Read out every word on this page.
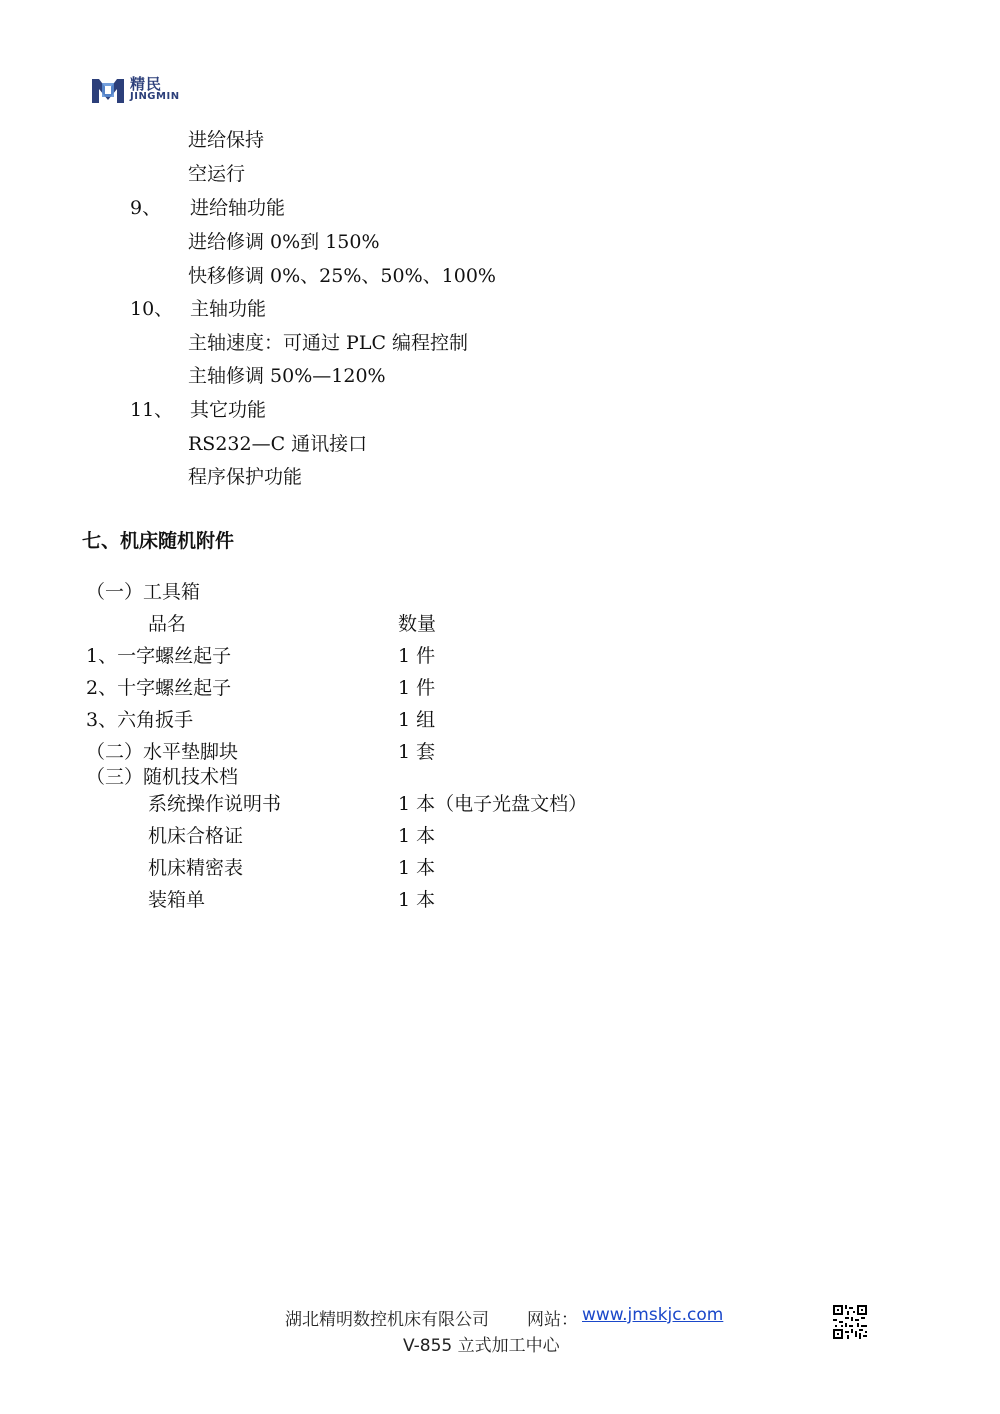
精民
JINGMIN
进给保持
空运行
9、 进给轴功能
进给修调 0%到 150%
快移修调 0%、25%、50%、100%
10、 主轴功能
主轴速度：可通过 PLC 编程控制
主轴修调 50%—120%
11、 其它功能
RS232—C 通讯接口
程序保护功能
七、机床随机附件
（一）工具箱
品名	数量
1、一字螺丝起子	1 件
2、十字螺丝起子	1 件
3、六角扳手	1 组
（二）水平垫脚块	1 套
（三）随机技术档
系统操作说明书	1 本（电子光盘文档）
机床合格证	1 本
机床精密表	1 本
装箱单	1 本
湖北精明数控机床有限公司 网站： www.jmskjc.com
V-855 立式加工中心
